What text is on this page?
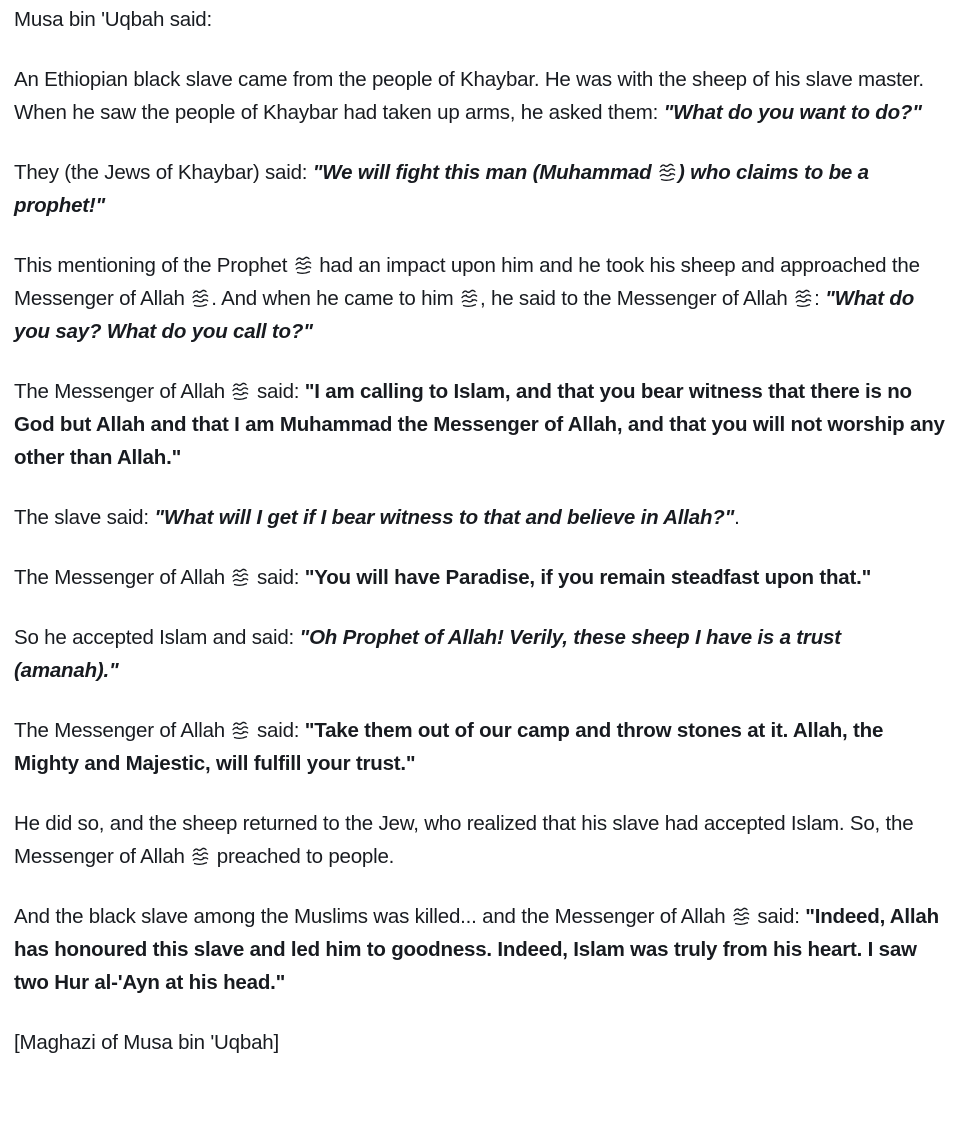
Musa bin 'Uqbah said:

An Ethiopian black slave came from the people of Khaybar. He was with the sheep of his slave master. When he saw the people of Khaybar had taken up arms, he asked them: "What do you want to do?"

They (the Jews of Khaybar) said: "We will fight this man (Muhammad
) who claims to be a prophet!"

This mentioning of the Prophet
had an impact upon him and he took his sheep and approached the Messenger of Allah
. And when he came to him
, he said to the Messenger of Allah
: "What do you say? What do you call to?"

The Messenger of Allah
said: "I am calling to Islam, and that you bear witness that there is no God but Allah and that I am Muhammad the Messenger of Allah, and that you will not worship any other than Allah."

The slave said: "What will I get if I bear witness to that and believe in Allah?".

The Messenger of Allah
said: "You will have Paradise, if you remain steadfast upon that."

So he accepted Islam and said: "Oh Prophet of Allah! Verily, these sheep I have is a trust (amanah)."

The Messenger of Allah
said: "Take them out of our camp and throw stones at it. Allah, the Mighty and Majestic, will fulfill your trust."

He did so, and the sheep returned to the Jew, who realized that his slave had accepted Islam. So, the Messenger of Allah
preached to people.

And the black slave among the Muslims was killed... and the Messenger of Allah
said: "Indeed, Allah has honoured this slave and led him to goodness. Indeed, Islam was truly from his heart. I saw two Hur al-'Ayn at his head."

[Maghazi of Musa bin 'Uqbah]
